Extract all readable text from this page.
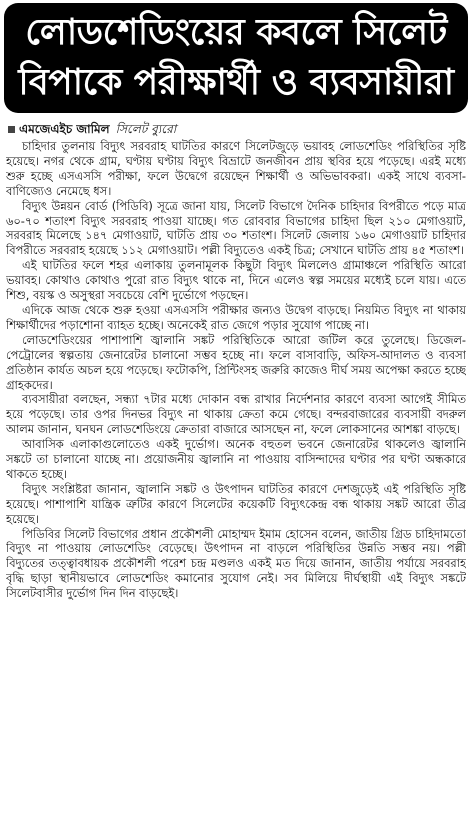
লোডশেডিংয়ের কবলে সিলেট
বিপাকে পরীক্ষার্থী ও ব্যবসায়ীরা
এমজেএইচ জামিল সিলেট ব্যুরো

চাহিদার তুলনায় বিদ্যুৎ সরবরাহ ঘাটতির কারণে সিলেটজুড়ে ভয়াবহ লোডশেডিং পরিস্থিতির সৃষ্টি হয়েছে। নগর থেকে গ্রাম, ঘণ্টায় ঘণ্টায় বিদ্যুৎ বিভ্রাটে জনজীবন প্রায় স্থবির হয়ে পড়েছে। এরই মধ্যে শুরু হচ্ছে এসএসসি পরীক্ষা, ফলে উদ্বেগে রয়েছেন শিক্ষার্থী ও অভিভাবকরা। একই সাথে ব্যবসা-বাণিজ্যেও নেমেছে ধস।

বিদ্যুৎ উন্নয়ন বোর্ড (পিডিবি) সূত্রে জানা যায়, সিলেট বিভাগে দৈনিক চাহিদার বিপরীতে পড়ে মাত্র ৬০-৭০ শতাংশ বিদ্যুৎ সরবরাহ পাওয়া যাচ্ছে। গত রোববার বিভাগের চাহিদা ছিল ২১০ মেগাওয়াট, সরবরাহ মিলেছে ১৪৭ মেগাওয়াট, ঘাটতি প্রায় ৩০ শতাংশ। সিলেট জেলায় ১৬০ মেগাওয়াট চাহিদার বিপরীতে সরবরাহ হয়েছে ১১২ মেগাওয়াট। পল্লী বিদ্যুতেও একই চিত্র; সেখানে ঘাটতি প্রায় ৪৫ শতাংশ।

এই ঘাটতির ফলে শহর এলাকায় তুলনামূলক কিছুটা বিদ্যুৎ মিললেও গ্রামাঞ্চলে পরিস্থিতি আরো ভয়াবহ। কোথাও কোথাও পুরো রাত বিদ্যুৎ থাকে না, দিনে এলেও স্বল্প সময়ের মধ্যেই চলে যায়। এতে শিশু, বয়স্ক ও অসুস্থরা সবচেয়ে বেশি দুর্ভোগে পড়ছেন।

এদিকে আজ থেকে শুরু হওয়া এসএসসি পরীক্ষার জন্যও উদ্বেগ বাড়ছে। নিয়মিত বিদ্যুৎ না থাকায় শিক্ষার্থীদের পড়াশোনা ব্যাহত হচ্ছে। অনেকেই রাত জেগে পড়ার সুযোগ পাচ্ছে না।

লোডশেডিংয়ের পাশাপাশি জ্বালানি সঙ্কট পরিস্থিতিকে আরো জটিল করে তুলেছে। ডিজেল-পেট্রোলের স্বল্পতায় জেনারেটর চালানো সম্ভব হচ্ছে না। ফলে বাসাবাড়ি, অফিস-আদালত ও ব্যবসা প্রতিষ্ঠান কার্যত অচল হয়ে পড়েছে। ফটোকপি, প্রিন্টিংসহ জরুরি কাজেও দীর্ঘ সময় অপেক্ষা করতে হচ্ছে গ্রাহকদের।

ব্যবসায়ীরা বলছেন, সন্ধ্যা ৭টার মধ্যে দোকান বন্ধ রাখার নির্দেশনার কারণে ব্যবসা আগেই সীমিত হয়ে পড়েছে। তার ওপর দিনভর বিদ্যুৎ না থাকায় ক্রেতা কমে গেছে। বন্দরবাজারের ব্যবসায়ী বদরুল আলম জানান, ঘনঘন লোডশেডিংয়ে ক্রেতারা বাজারে আসছেন না, ফলে লোকসানের আশঙ্কা বাড়ছে।

আবাসিক এলাকাগুলোতেও একই দুর্ভোগ। অনেক বহুতল ভবনে জেনারেটর থাকলেও জ্বালানি সঙ্কটে তা চালানো যাচ্ছে না। প্রয়োজনীয় জ্বালানি না পাওয়ায় বাসিন্দাদের ঘণ্টার পর ঘণ্টা অন্ধকারে থাকতে হচ্ছে।

বিদ্যুৎ সংশ্লিষ্টরা জানান, জ্বালানি সঙ্কট ও উৎপাদন ঘাটতির কারণে দেশজুড়েই এই পরিস্থিতি সৃষ্টি হয়েছে। পাশাপাশি যান্ত্রিক ত্রুটির কারণে সিলেটের কয়েকটি বিদ্যুৎকেন্দ্র বন্ধ থাকায় সঙ্কট আরো তীব্র হয়েছে।

পিডিবির সিলেট বিভাগের প্রধান প্রকৌশলী মোহাম্মদ ইমাম হোসেন বলেন, জাতীয় গ্রিড চাহিদামতো বিদ্যুৎ না পাওয়ায় লোডশেডিং বেড়েছে। উৎপাদন না বাড়লে পরিস্থিতির উন্নতি সম্ভব নয়। পল্লী বিদ্যুতের তত্ত্বাবধায়ক প্রকৌশলী পরেশ চন্দ্র মণ্ডলও একই মত দিয়ে জানান, জাতীয় পর্যায়ে সরবরাহ বৃদ্ধি ছাড়া স্থানীয়ভাবে লোডশেডিং কমানোর সুযোগ নেই। সব মিলিয়ে দীর্ঘস্থায়ী এই বিদ্যুৎ সঙ্কটে সিলেটবাসীর দুর্ভোগ দিন দিন বাড়ছেই।
